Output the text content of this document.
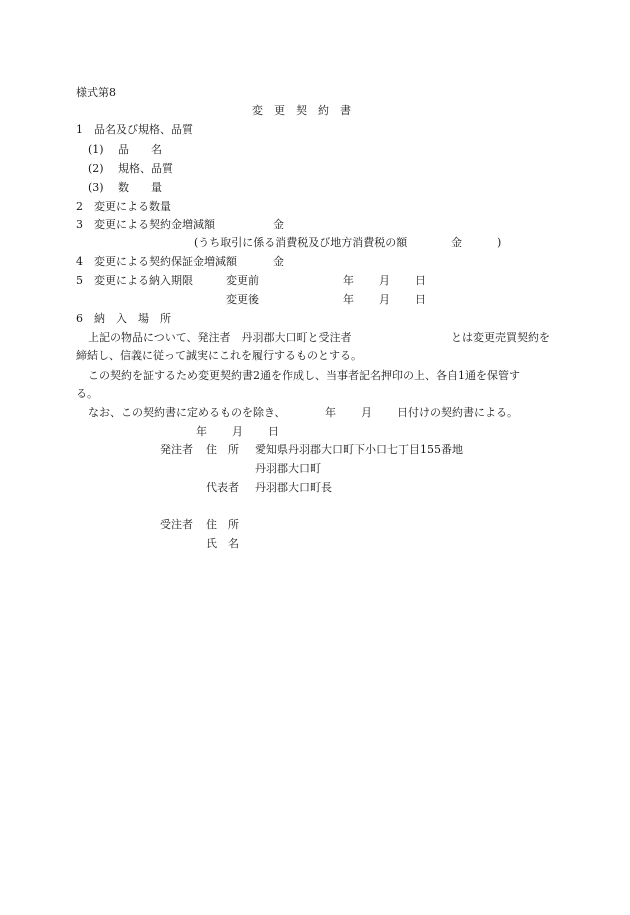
様式第8
変　更　契　約　書
1　品名及び規格、品質
(1) 品　　名
(2) 規格、品質
(3) 数　　量
2　変更による数量
3　変更による契約金増減額	金
(うち取引に係る消費税及び地方消費税の額	金	)
4　変更による契約保証金増減額	金
5　変更による納入期限	変更前	年 月 日
変更後	年 月 日
6　納　入　場　所
上記の物品について、発注者　丹羽郡大口町と受注者	とは変更売買契約を
締結し、信義に従って誠実にこれを履行するものとする。
この契約を証するため変更契約書2通を作成し、当事者記名押印の上、各自1通を保管す
る。
なお、この契約書に定めるものを除き、	年 月 日付けの契約書による。
年 月 日
発注者 住　所 愛知県丹羽郡大口町下小口七丁目155番地
丹羽郡大口町
代表者 丹羽郡大口町長
受注者 住　所
氏　名
